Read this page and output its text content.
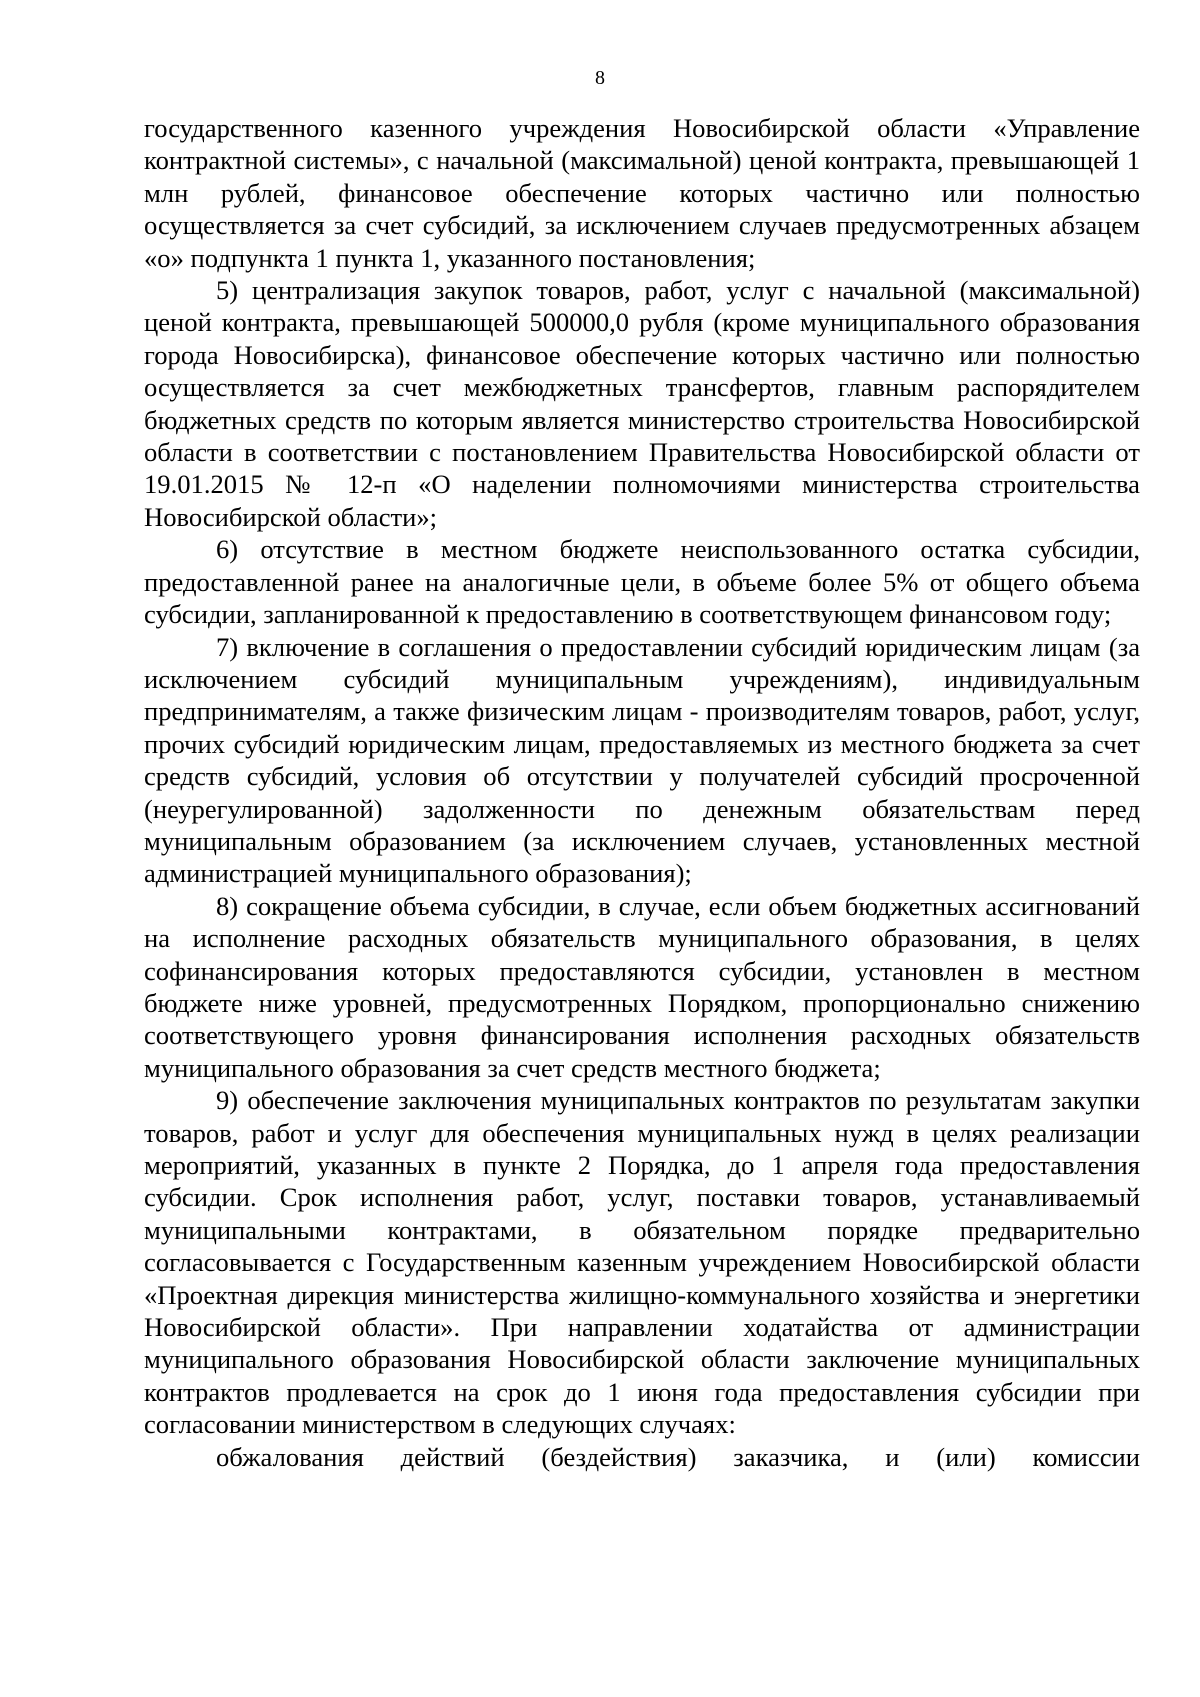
8

государственного казенного учреждения Новосибирской области «Управление контрактной системы», с начальной (максимальной) ценой контракта, превышающей 1 млн рублей, финансовое обеспечение которых частично или полностью осуществляется за счет субсидий, за исключением случаев предусмотренных абзацем «о» подпункта 1 пункта 1, указанного постановления;

5) централизация закупок товаров, работ, услуг с начальной (максимальной) ценой контракта, превышающей 500000,0 рубля (кроме муниципального образования города Новосибирска), финансовое обеспечение которых частично или полностью осуществляется за счет межбюджетных трансфертов, главным распорядителем бюджетных средств по которым является министерство строительства Новосибирской области в соответствии с постановлением Правительства Новосибирской области от 19.01.2015 № 12-п «О наделении полномочиями министерства строительства Новосибирской области»;

6) отсутствие в местном бюджете неиспользованного остатка субсидии, предоставленной ранее на аналогичные цели, в объеме более 5% от общего объема субсидии, запланированной к предоставлению в соответствующем финансовом году;

7) включение в соглашения о предоставлении субсидий юридическим лицам (за исключением субсидий муниципальным учреждениям), индивидуальным предпринимателям, а также физическим лицам - производителям товаров, работ, услуг, прочих субсидий юридическим лицам, предоставляемых из местного бюджета за счет средств субсидий, условия об отсутствии у получателей субсидий просроченной (неурегулированной) задолженности по денежным обязательствам перед муниципальным образованием (за исключением случаев, установленных местной администрацией муниципального образования);

8) сокращение объема субсидии, в случае, если объем бюджетных ассигнований на исполнение расходных обязательств муниципального образования, в целях софинансирования которых предоставляются субсидии, установлен в местном бюджете ниже уровней, предусмотренных Порядком, пропорционально снижению соответствующего уровня финансирования исполнения расходных обязательств муниципального образования за счет средств местного бюджета;

9) обеспечение заключения муниципальных контрактов по результатам закупки товаров, работ и услуг для обеспечения муниципальных нужд в целях реализации мероприятий, указанных в пункте 2 Порядка, до 1 апреля года предоставления субсидии. Срок исполнения работ, услуг, поставки товаров, устанавливаемый муниципальными контрактами, в обязательном порядке предварительно согласовывается с Государственным казенным учреждением Новосибирской области «Проектная дирекция министерства жилищно-коммунального хозяйства и энергетики Новосибирской области». При направлении ходатайства от администрации муниципального образования Новосибирской области заключение муниципальных контрактов продлевается на срок до 1 июня года предоставления субсидии при согласовании министерством в следующих случаях:

обжалования действий (бездействия) заказчика, и (или) комиссии
